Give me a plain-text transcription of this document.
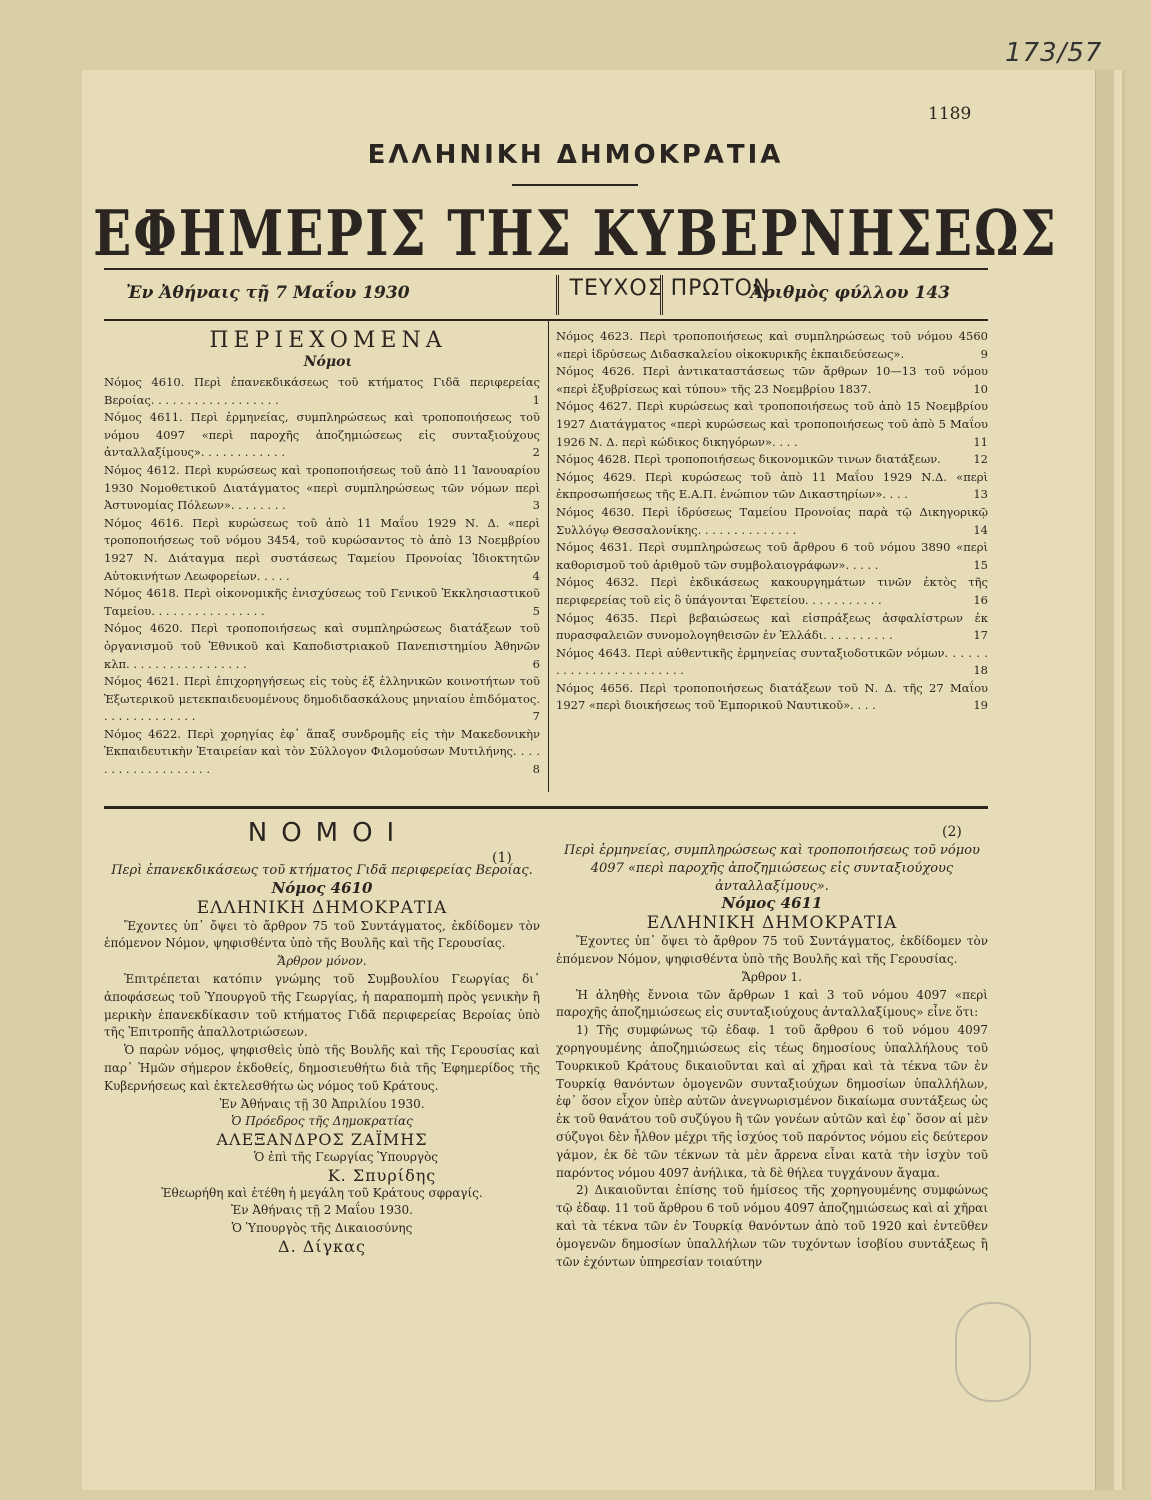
173/57
1189
ΕΛΛΗΝΙΚΗ ΔΗΜΟΚΡΑΤΙΑ
ΕΦΗΜΕΡΙΣ ΤΗΣ ΚΥΒΕΡΝΗΣΕΩΣ
Ἐν Ἀθήναις τῇ 7 Μαΐου 1930	ΤΕΥΧΟΣ ΠΡΩΤΟΝ
Ἀριθμὸς φύλλου 143
ΠΕΡΙΕΧΟΜΕΝΑ
Νόμοι

Νόμος 4610. Περὶ ἐπανεκδικάσεως τοῦ κτήματος Γιδᾶ περιφερείας Βεροίας. . . . . . . . . . . . . . . . . .	1

Νόμος 4611. Περὶ ἑρμηνείας, συμπληρώσεως καὶ τροποποιήσεως τοῦ νόμου 4097 «περὶ παροχῆς ἀποζημιώσεως εἰς συνταξιούχους ἀνταλλαξίμους». . . . . . . . . . . .	2

Νόμος 4612. Περὶ κυρώσεως καὶ τροποποιήσεως τοῦ ἀπὸ 11 Ἰανουαρίου 1930 Νομοθετικοῦ Διατάγματος «περὶ συμπληρώσεως τῶν νόμων περὶ Ἀστυνομίας Πόλεων». . . . . . . .	3

Νόμος 4616. Περὶ κυρώσεως τοῦ ἀπὸ 11 Μαΐου 1929 Ν. Δ. «περὶ τροποποιήσεως τοῦ νόμου 3454, τοῦ κυρώσαντος τὸ ἀπὸ 13 Νοεμβρίου 1927 Ν. Διάταγμα περὶ συστάσεως Ταμείου Προνοίας Ἰδιοκτητῶν Αὐτοκινήτων Λεωφορείων. . . . .	4

Νόμος 4618. Περὶ οἰκονομικῆς ἐνισχύσεως τοῦ Γενικοῦ Ἐκκλησιαστικοῦ Ταμείου. . . . . . . . . . . . . . . .	5

Νόμος 4620. Περὶ τροποποιήσεως καὶ συμπληρώσεως διατάξεων τοῦ ὀργανισμοῦ τοῦ Ἐθνικοῦ καὶ Καποδιστριακοῦ Πανεπιστημίου Ἀθηνῶν κλπ. . . . . . . . . . . . . . . . .	6

Νόμος 4621. Περὶ ἐπιχορηγήσεως εἰς τοὺς ἐξ ἑλληνικῶν κοινοτήτων τοῦ Ἐξωτερικοῦ μετεκπαιδευομένους δημοδιδασκάλους μηνιαίου ἐπιδόματος. . . . . . . . . . . . . .	7

Νόμος 4622. Περὶ χορηγίας ἐφ᾿ ἅπαξ συνδρομῆς εἰς τὴν Μακεδονικὴν Ἐκπαιδευτικὴν Ἑταιρείαν καὶ τὸν Σύλλογον Φιλομούσων Μυτιλήνης. . . . . . . . . . . . . . . . . . .	8

Νόμος 4623. Περὶ τροποποιήσεως καὶ συμπληρώσεως τοῦ νόμου 4560 «περὶ ἱδρύσεως Διδασκαλείου οἰκοκυρικῆς ἐκπαιδεύσεως».	9

Νόμος 4626. Περὶ ἀντικαταστάσεως τῶν ἄρθρων 10—13 τοῦ νόμου «περὶ ἐξυβρίσεως καὶ τύπου» τῆς 23 Νοεμβρίου 1837.	10

Νόμος 4627. Περὶ κυρώσεως καὶ τροποποιήσεως τοῦ ἀπὸ 15 Νοεμβρίου 1927 Διατάγματος «περὶ κυρώσεως καὶ τροποποιήσεως τοῦ ἀπὸ 5 Μαΐου 1926 Ν. Δ. περὶ κώδικος δικηγόρων». . . .	11

Νόμος 4628. Περὶ τροποποιήσεως δικονομικῶν τινων διατάξεων.	12

Νόμος 4629. Περὶ κυρώσεως τοῦ ἀπὸ 11 Μαΐου 1929 Ν.Δ. «περὶ ἐκπροσωπήσεως τῆς Ε.Α.Π. ἐνώπιον τῶν Δικαστηρίων». . . .	13

Νόμος 4630. Περὶ ἱδρύσεως Ταμείου Προνοίας παρὰ τῷ Δικηγορικῷ Συλλόγῳ Θεσσαλονίκης. . . . . . . . . . . . . .	14

Νόμος 4631. Περὶ συμπληρώσεως τοῦ ἄρθρου 6 τοῦ νόμου 3890 «περὶ καθορισμοῦ τοῦ ἀριθμοῦ τῶν συμβολαιογράφων». . . . .	15

Νόμος 4632. Περὶ ἐκδικάσεως κακουργημάτων τινῶν ἐκτὸς τῆς περιφερείας τοῦ εἰς ὃ ὑπάγονται Ἐφετείου. . . . . . . . . . .	16

Νόμος 4635. Περὶ βεβαιώσεως καὶ εἰσπράξεως ἀσφαλίστρων ἐκ πυρασφαλειῶν συνομολογηθεισῶν ἐν Ἑλλάδι. . . . . . . . . .	17

Νόμος 4643. Περὶ αὐθεντικῆς ἑρμηνείας συνταξιοδοτικῶν νόμων. . . . . . . . . . . . . . . . . . . . . . . .	18

Νόμος 4656. Περὶ τροποποιήσεως διατάξεων τοῦ Ν. Δ. τῆς 27 Μαΐου 1927 «περὶ διοικήσεως τοῦ Ἐμπορικοῦ Ναυτικοῦ». . . .	19

ΝΟΜΟΙ
(1)
(2)
Περὶ ἐπανεκδικάσεως τοῦ κτήματος Γιδᾶ περιφερείας Βεροίας.
Νόμος 4610
ΕΛΛΗΝΙΚΗ ΔΗΜΟΚΡΑΤΙΑ

Ἔχοντες ὑπ᾿ ὄψει τὸ ἄρθρον 75 τοῦ Συντάγματος, ἐκδίδομεν τὸν ἑπόμενον Νόμον, ψηφισθέντα ὑπὸ τῆς Βουλῆς καὶ τῆς Γερουσίας.

Ἄρθρον μόνον.

Ἐπιτρέπεται κατόπιν γνώμης τοῦ Συμβουλίου Γεωργίας δι᾿ ἀποφάσεως τοῦ Ὑπουργοῦ τῆς Γεωργίας, ἡ παραπομπὴ πρὸς γενικὴν ἢ μερικὴν ἐπανεκδίκασιν τοῦ κτήματος Γιδᾶ περιφερείας Βεροίας ὑπὸ τῆς Ἐπιτροπῆς ἀπαλλοτριώσεων.

Ὁ παρὼν νόμος, ψηφισθεὶς ὑπὸ τῆς Βουλῆς καὶ τῆς Γερουσίας καὶ παρ᾿ Ἡμῶν σήμερον ἐκδοθείς, δημοσιευθήτω διὰ τῆς Ἐφημερίδος τῆς Κυβερνήσεως καὶ ἐκτελεσθήτω ὡς νόμος τοῦ Κράτους.

Ἐν Ἀθήναις τῇ 30 Ἀπριλίου 1930.
Ὁ Πρόεδρος τῆς Δημοκρατίας
ΑΛΕΞΑΝΔΡΟΣ ΖΑΪΜΗΣ
Ὁ ἐπὶ τῆς Γεωργίας Ὑπουργὸς
Κ. Σπυρίδης
Ἐθεωρήθη καὶ ἐτέθη ἡ μεγάλη τοῦ Κράτους σφραγίς.
Ἐν Ἀθήναις τῇ 2 Μαΐου 1930.
Ὁ Ὑπουργὸς τῆς Δικαιοσύνης
Δ. Δίγκας
Περὶ ἑρμηνείας, συμπληρώσεως καὶ τροποποιήσεως τοῦ νόμου 4097 «περὶ παροχῆς ἀποζημιώσεως εἰς συνταξιούχους ἀνταλλαξίμους».
Νόμος 4611
ΕΛΛΗΝΙΚΗ ΔΗΜΟΚΡΑΤΙΑ

Ἔχοντες ὑπ᾿ ὄψει τὸ ἄρθρον 75 τοῦ Συντάγματος, ἐκδίδομεν τὸν ἑπόμενον Νόμον, ψηφισθέντα ὑπὸ τῆς Βουλῆς καὶ τῆς Γερουσίας.

Ἄρθρον 1.

Ἡ ἀληθὴς ἔννοια τῶν ἄρθρων 1 καὶ 3 τοῦ νόμου 4097 «περὶ παροχῆς ἀποζημιώσεως εἰς συνταξιούχους ἀνταλλαξίμους» εἶνε ὅτι:

1) Τῆς συμφώνως τῷ ἐδαφ. 1 τοῦ ἄρθρου 6 τοῦ νόμου 4097 χορηγουμένης ἀποζημιώσεως εἰς τέως δημοσίους ὑπαλλήλους τοῦ Τουρκικοῦ Κράτους δικαιοῦνται καὶ αἱ χῆραι καὶ τὰ τέκνα τῶν ἐν Τουρκίᾳ θανόντων ὁμογενῶν συνταξιούχων δημοσίων ὑπαλλήλων, ἐφ᾿ ὅσον εἶχον ὑπὲρ αὐτῶν ἀνεγνωρισμένον δικαίωμα συντάξεως ὡς ἐκ τοῦ θανάτου τοῦ συζύγου ἢ τῶν γονέων αὐτῶν καὶ ἐφ᾿ ὅσον αἱ μὲν σύζυγοι δὲν ἦλθον μέχρι τῆς ἰσχύος τοῦ παρόντος νόμου εἰς δεύτερον γάμον, ἐκ δὲ τῶν τέκνων τὰ μὲν ἄρρενα εἶναι κατὰ τὴν ἰσχὺν τοῦ παρόντος νόμου 4097 ἀνήλικα, τὰ δὲ θήλεα τυγχάνουν ἄγαμα.

2) Δικαιοῦνται ἐπίσης τοῦ ἡμίσεος τῆς χορηγουμένης συμφώνως τῷ ἐδαφ. 11 τοῦ ἄρθρου 6 τοῦ νόμου 4097 ἀποζημιώσεως καὶ αἱ χῆραι καὶ τὰ τέκνα τῶν ἐν Τουρκίᾳ θανόντων ἀπὸ τοῦ 1920 καὶ ἐντεῦθεν ὁμογενῶν δημοσίων ὑπαλλήλων τῶν τυχόντων ἰσοβίου συντάξεως ἢ τῶν ἐχόντων ὑπηρεσίαν τοιαύτην
